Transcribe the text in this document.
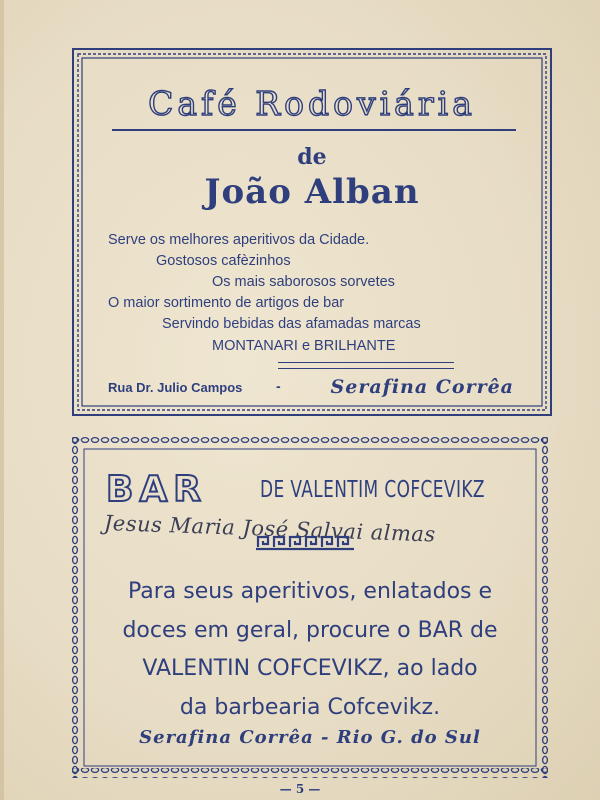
Café Rodoviária
de
João Alban
Serve os melhores aperitivos da Cidade.
Gostosos cafèzinhos
Os mais saborosos sorvetes
O maior sortimento de artigos de bar
Servindo bebidas das afamadas marcas
MONTANARI e BRILHANTE
Rua Dr. Julio Campos -	Serafina Corrêa
BAR DE VALENTIM COFCEVIKZ
Jesus Maria José Salvai almas
Para seus aperitivos, enlatados e
doces em geral, procure o BAR de
VALENTIN COFCEVIKZ, ao lado
da barbearia Cofcevikz.
Serafina Corrêa - Rio G. do Sul
— 5 —
